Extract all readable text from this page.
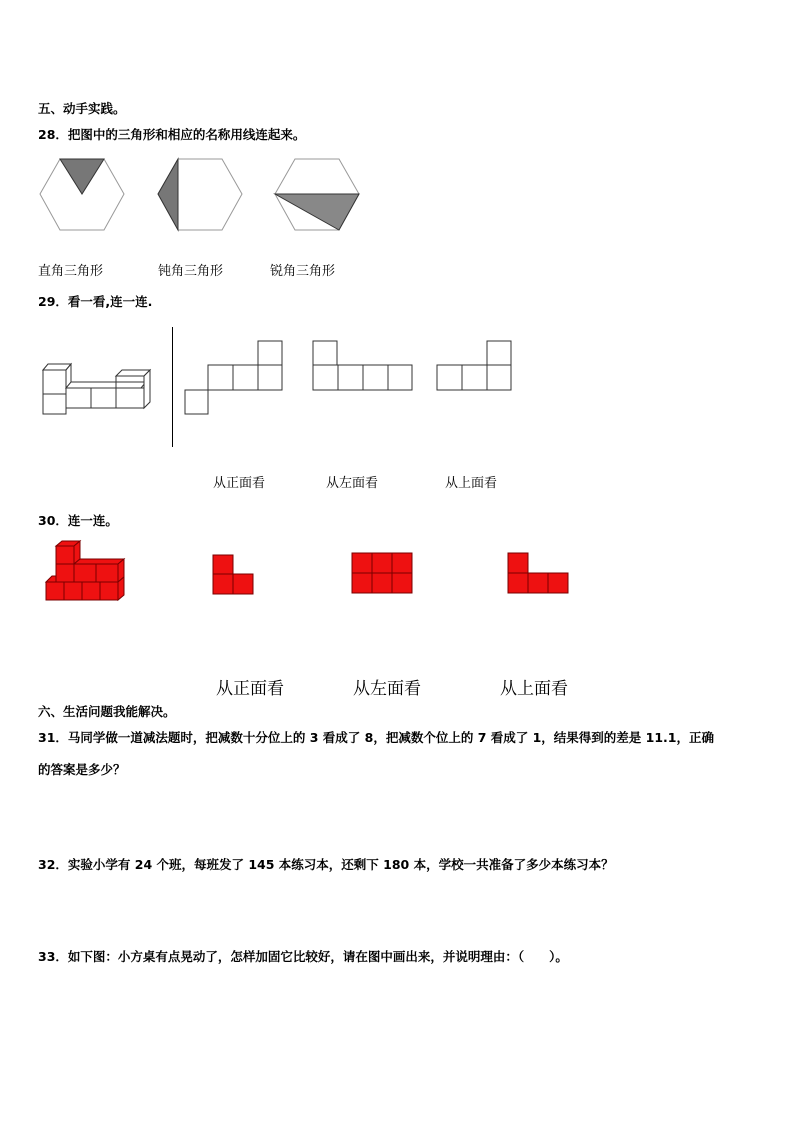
五、动手实践。
28．把图中的三角形和相应的名称用线连起来。
直角三角形	钝角三角形	锐角三角形
29．看一看,连一连.
从正面看	从左面看	从上面看
30．连一连。
从正面看	从左面看	从上面看
六、生活问题我能解决。
31．马同学做一道减法题时，把减数十分位上的 3 看成了 8，把减数个位上的 7 看成了 1，结果得到的差是 11.1，正确
的答案是多少？
32．实验小学有 24 个班，每班发了 145 本练习本，还剩下 180 本，学校一共准备了多少本练习本？
33．如下图：小方桌有点晃动了，怎样加固它比较好，请在图中画出来，并说明理由：（　　）。
